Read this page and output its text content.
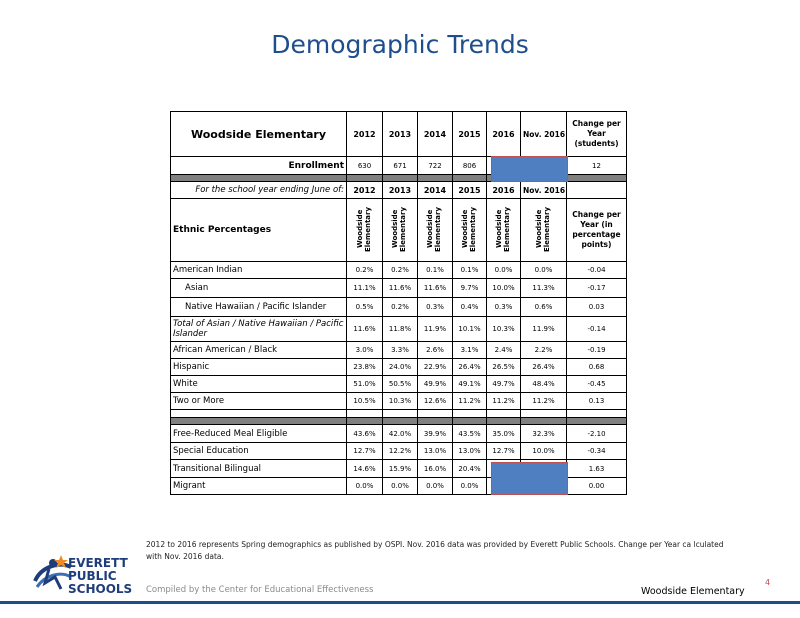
Demographic Trends
Woodside Elementary	2012	2013	2014	2015	2016	Nov. 2016	Change per Year (students)
Enrollment	630	671	722	806			12

For the school year ending June of:	2012	2013	2014	2015	2016	Nov. 2016	
Ethnic Percentages	Woodside Elementary	Woodside Elementary	Woodside Elementary	Woodside Elementary	Woodside Elementary	Woodside Elementary	Change per Year (in percentage points)
American Indian	0.2%	0.2%	0.1%	0.1%	0.0%	0.0%	-0.04
Asian	11.1%	11.6%	11.6%	9.7%	10.0%	11.3%	-0.17
Native Hawaiian / Pacific Islander	0.5%	0.2%	0.3%	0.4%	0.3%	0.6%	0.03
Total of Asian / Native Hawaiian / Pacific Islander	11.6%	11.8%	11.9%	10.1%	10.3%	11.9%	-0.14
African American / Black	3.0%	3.3%	2.6%	3.1%	2.4%	2.2%	-0.19
Hispanic	23.8%	24.0%	22.9%	26.4%	26.5%	26.4%	0.68
White	51.0%	50.5%	49.9%	49.1%	49.7%	48.4%	-0.45
Two or More	10.5%	10.3%	12.6%	11.2%	11.2%	11.2%	0.13

Free-Reduced Meal Eligible	43.6%	42.0%	39.9%	43.5%	35.0%	32.3%	-2.10
Special Education	12.7%	12.2%	13.0%	13.0%	12.7%	10.0%	-0.34
Transitional Bilingual	14.6%	15.9%	16.0%	20.4%			1.63
Migrant	0.0%	0.0%	0.0%	0.0%			0.00
2012 to 2016 represents Spring demographics as published by OSPI. Nov. 2016 data was provided by Everett Public Schools. Change per Year ca lculated with Nov. 2016 data.
EVERETT
PUBLIC
SCHOOLS Compiled by the Center for Educational Effectiveness	Woodside Elementary
4
